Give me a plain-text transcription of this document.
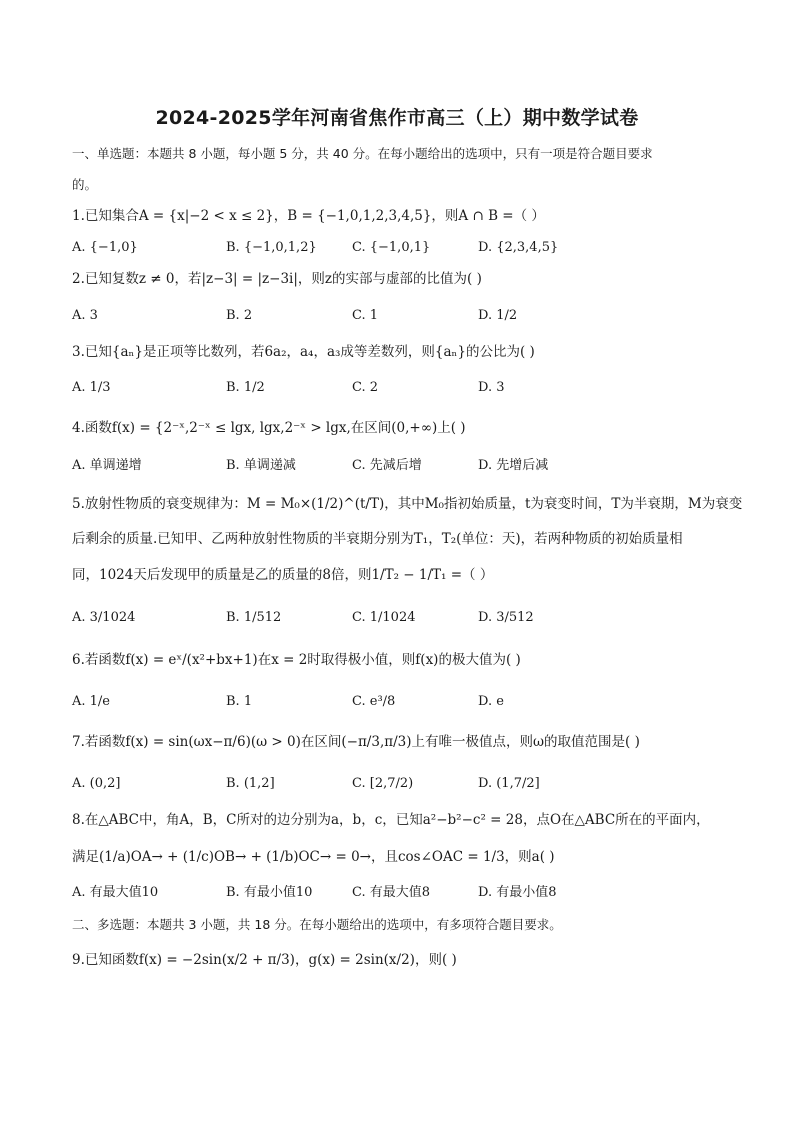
2024-2025学年河南省焦作市高三（上）期中数学试卷
一、单选题：本题共 8 小题，每小题 5 分，共 40 分。在每小题给出的选项中，只有一项是符合题目要求
的。
1.已知集合A = {x|−2 < x ≤ 2}，B = {−1,0,1,2,3,4,5}，则A ∩ B =（ ）
A. {−1,0}	B. {−1,0,1,2}	C. {−1,0,1}	D. {2,3,4,5}
2.已知复数z ≠ 0，若|z−3| = |z−3i|，则z的实部与虚部的比值为( )
A. 3	B. 2	C. 1	D. 1/2
3.已知{aₙ}是正项等比数列，若6a₂，a₄，a₃成等差数列，则{aₙ}的公比为( )
A. 1/3	B. 1/2	C. 2	D. 3
4.函数f(x) = {2⁻ˣ,2⁻ˣ ≤ lgx, lgx,2⁻ˣ > lgx,在区间(0,+∞)上( )
A. 单调递增	B. 单调递减	C. 先减后增	D. 先增后减
5.放射性物质的衰变规律为：M = M₀×(1/2)^(t/T)，其中M₀指初始质量，t为衰变时间，T为半衰期，M为衰变
后剩余的质量.已知甲、乙两种放射性物质的半衰期分别为T₁，T₂(单位：天)，若两种物质的初始质量相
同，1024天后发现甲的质量是乙的质量的8倍，则1/T₂ − 1/T₁ =（ ）
A. 3/1024	B. 1/512	C. 1/1024	D. 3/512
6.若函数f(x) = eˣ/(x²+bx+1)在x = 2时取得极小值，则f(x)的极大值为( )
A. 1/e	B. 1	C. e³/8	D. e
7.若函数f(x) = sin(ωx−π/6)(ω > 0)在区间(−π/3,π/3)上有唯一极值点，则ω的取值范围是( )
A. (0,2]	B. (1,2]	C. [2,7/2)	D. (1,7/2]
8.在△ABC中，角A，B，C所对的边分别为a，b，c，已知a²−b²−c² = 28，点O在△ABC所在的平面内，
满足(1/a)OA→ + (1/c)OB→ + (1/b)OC→ = 0→，且cos∠OAC = 1/3，则a( )
A. 有最大值10	B. 有最小值10	C. 有最大值8	D. 有最小值8
二、多选题：本题共 3 小题，共 18 分。在每小题给出的选项中，有多项符合题目要求。
9.已知函数f(x) = −2sin(x/2 + π/3)，g(x) = 2sin(x/2)，则( )
